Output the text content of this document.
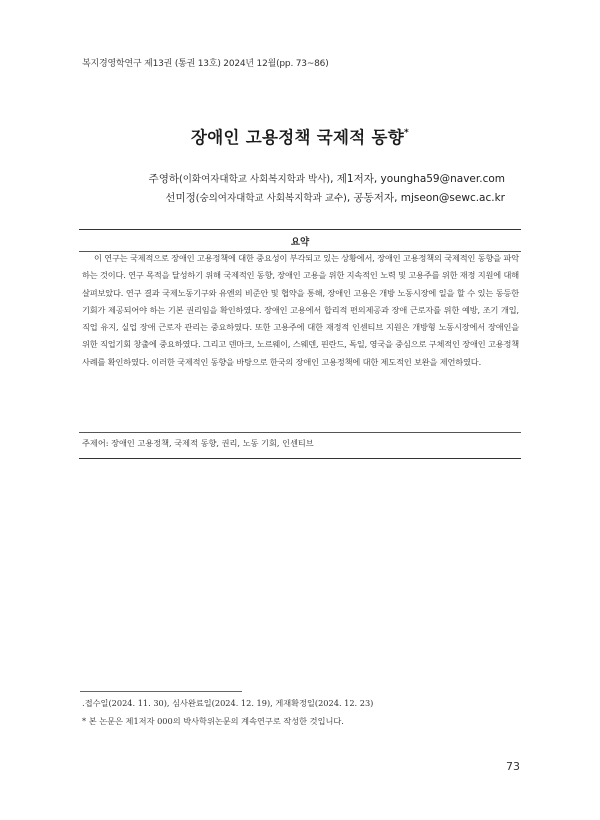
복지경영학연구 제13권 (통권 13호) 2024년 12월(pp. 73~86)
장애인 고용정책 국제적 동향*
주영하(이화여자대학교 사회복지학과 박사), 제1저자, youngha59@naver.com
선미정(숭의여자대학교 사회복지학과 교수), 공동저자, mjseon@sewc.ac.kr
요약

이 연구는 국제적으로 장애인 고용정책에 대한 중요성이 부각되고 있는 상황에서, 장애인 고용정책의 국제적인 동향을 파악하는 것이다. 연구 목적을 달성하기 위해 국제적인 동향, 장애인 고용을 위한 지속적인 노력 및 고용주를 위한 재정 지원에 대해 살펴보았다. 연구 결과 국제노동기구와 유엔의 비준안 및 협약을 통해, 장애인 고용은 개방 노동시장에 일을 할 수 있는 동등한 기회가 제공되어야 하는 기본 권리임을 확인하였다. 장애인 고용에서 합리적 편의제공과 장애 근로자를 위한 예방, 조기 개입, 직업 유지, 실업 장애 근로자 관리는 중요하였다. 또한 고용주에 대한 재정적 인센티브 지원은 개방형 노동시장에서 장애인을 위한 직업기회 창출에 중요하였다. 그리고 덴마크, 노르웨이, 스웨덴, 핀란드, 독일, 영국을 중심으로 구체적인 장애인 고용정책 사례를 확인하였다. 이러한 국제적인 동향을 바탕으로 한국의 장애인 고용정책에 대한 제도적인 보완을 제언하였다.

주제어: 장애인 고용정책, 국제적 동향, 권리, 노동 기회, 인센티브
․접수일(2024. 11. 30), 심사완료일(2024. 12. 19), 게재확정일(2024. 12. 23)
* 본 논문은 제1저자 000의 박사학위논문의 계속연구로 작성한 것입니다.
73
